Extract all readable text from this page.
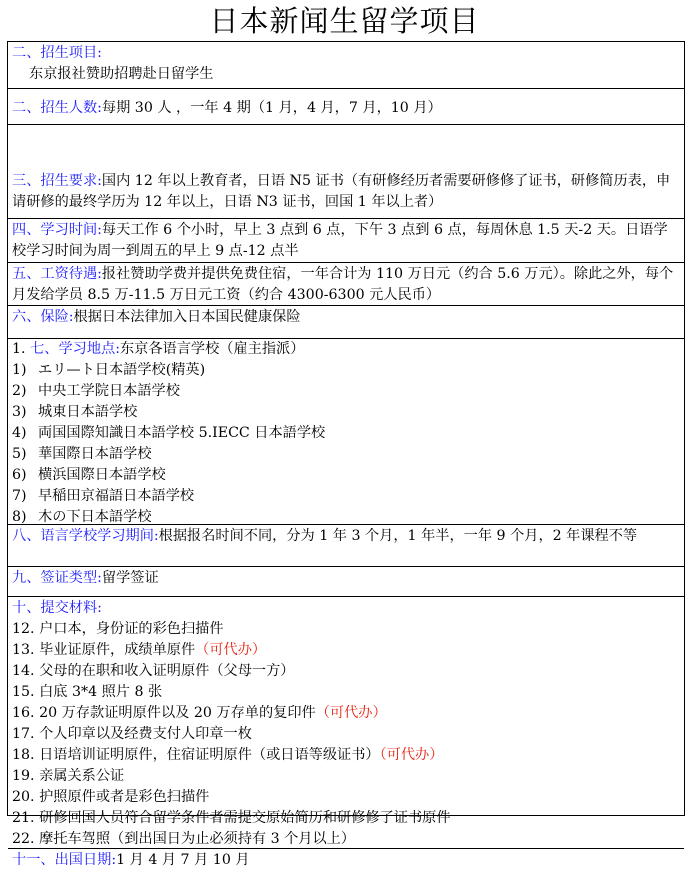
日本新闻生留学项目
二、招生项目:
东京报社赞助招聘赴日留学生
二、招生人数:每期 30 人 ，一年 4 期（1 月，4 月，7 月，10 月）
三、招生要求:国内 12 年以上教育者，日语 N5 证书（有研修经历者需要研修修了证书，研修简历表，申请研修的最终学历为 12 年以上，日语 N3 证书，回国 1 年以上者）
四、学习时间:每天工作 6 个小时，早上 3 点到 6 点，下午 3 点到 6 点，每周休息 1.5 天-2 天。日语学校学习时间为周一到周五的早上 9 点-12 点半
五、工资待遇:报社赞助学费并提供免费住宿，一年合计为 110 万日元（约合 5.6 万元）。除此之外，每个月发给学员 8.5 万-11.5 万日元工资（约合 4300-6300 元人民币）
六、保险:根据日本法律加入日本国民健康保险
1. 七、学习地点:东京各语言学校（雇主指派）
1) エリ—ト日本語学校(精英)
2) 中央工学院日本語学校
3) 城東日本語学校
4) 両国国際知識日本語学校 5.IECC 日本語学校
5) 華国際日本語学校
6) 横浜国際日本語学校
7) 早稲田京福語日本語学校
8) 木の下日本語学校
八、语言学校学习期间:根据报名时间不同，分为 1 年 3 个月，1 年半，一年 9 个月，2 年课程不等
九、签证类型:留学签证
十、提交材料:
12. 户口本，身份证的彩色扫描件
13. 毕业证原件，成绩单原件（可代办）
14. 父母的在职和收入证明原件（父母一方）
15. 白底 3*4 照片 8 张
16. 20 万存款证明原件以及 20 万存单的复印件（可代办）
17. 个人印章以及经费支付人印章一枚
18. 日语培训证明原件，住宿证明原件（或日语等级证书）（可代办）
19. 亲属关系公证
20. 护照原件或者是彩色扫描件
21. 研修回国人员符合留学条件者需提交原始简历和研修修了证书原件
22. 摩托车驾照（到出国日为止必须持有 3 个月以上）
十一、出国日期:1 月 4 月 7 月 10 月
